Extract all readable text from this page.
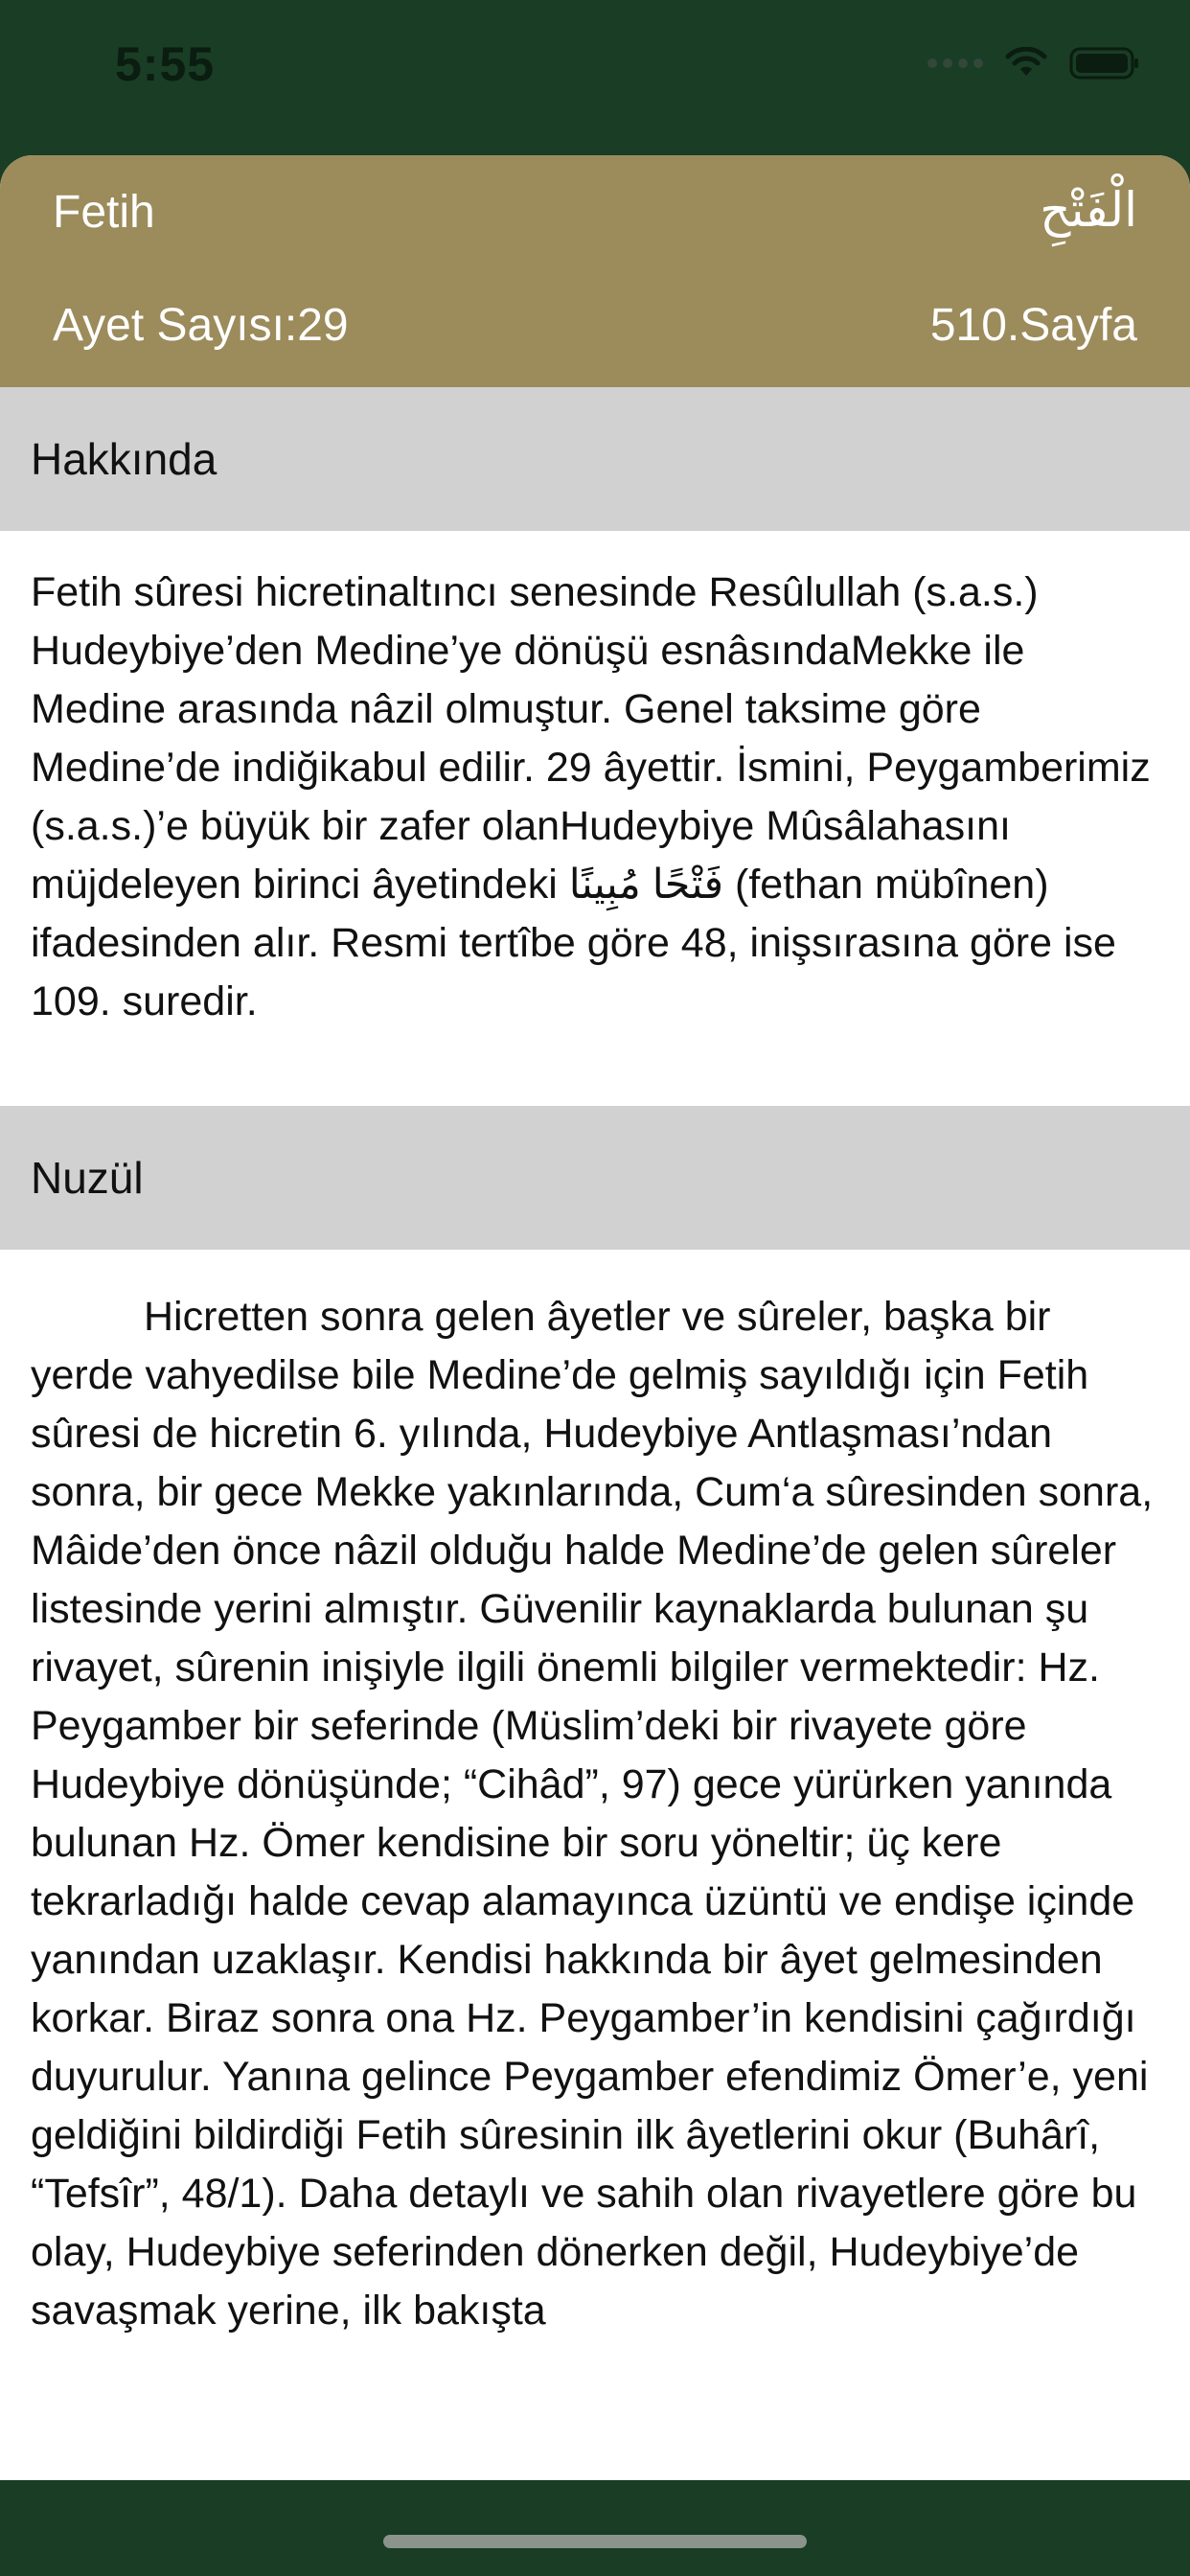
5:55
Fetih	الْفَتْحِ
Ayet Sayısı:29	510.Sayfa
Hakkında
Fetih sûresi hicretinaltıncı senesinde Resûlullah (s.a.s.) Hudeybiye’den Medine’ye dönüşü esnâsındaMekke ile Medine arasında nâzil olmuştur. Genel taksime göre Medine’de indiğikabul edilir. 29 âyettir. İsmini, Peygamberimiz (s.a.s.)’e büyük bir zafer olanHudeybiye Mûsâlahasını müjdeleyen birinci âyetindeki فَتْحًا مُبِينًا (fethan mübînen) ifadesinden alır. Resmi tertîbe göre 48, inişsırasına göre ise 109. suredir.
Nuzül
Hicretten sonra gelen âyetler ve sûreler, başka bir yerde vahyedilse bile Medine’de gelmiş sayıldığı için Fetih sûresi de hicretin 6. yılında, Hudeybiye Antlaşması’ndan sonra, bir gece Mekke yakınlarında, Cum‘a sûresinden sonra, Mâide’den önce nâzil olduğu halde Medine’de gelen sûreler listesinde yerini almıştır. Güvenilir kaynaklarda bulunan şu rivayet, sûrenin inişiyle ilgili önemli bilgiler vermektedir: Hz. Peygamber bir seferinde (Müslim’deki bir rivayete göre Hudeybiye dönüşünde; “Cihâd”, 97) gece yürürken yanında bulunan Hz. Ömer kendisine bir soru yöneltir; üç kere tekrarladığı halde cevap alamayınca üzüntü ve endişe içinde yanından uzaklaşır. Kendisi hakkında bir âyet gelmesinden korkar. Biraz sonra ona Hz. Peygamber’in kendisini çağırdığı duyurulur. Yanına gelince Peygamber efendimiz Ömer’e, yeni geldiğini bildirdiği Fetih sûresinin ilk âyetlerini okur (Buhârî, “Tefsîr”, 48/1). Daha detaylı ve sahih olan rivayetlere göre bu olay, Hudeybiye seferinden dönerken değil, Hudeybiye’de savaşmak yerine, ilk bakışta
